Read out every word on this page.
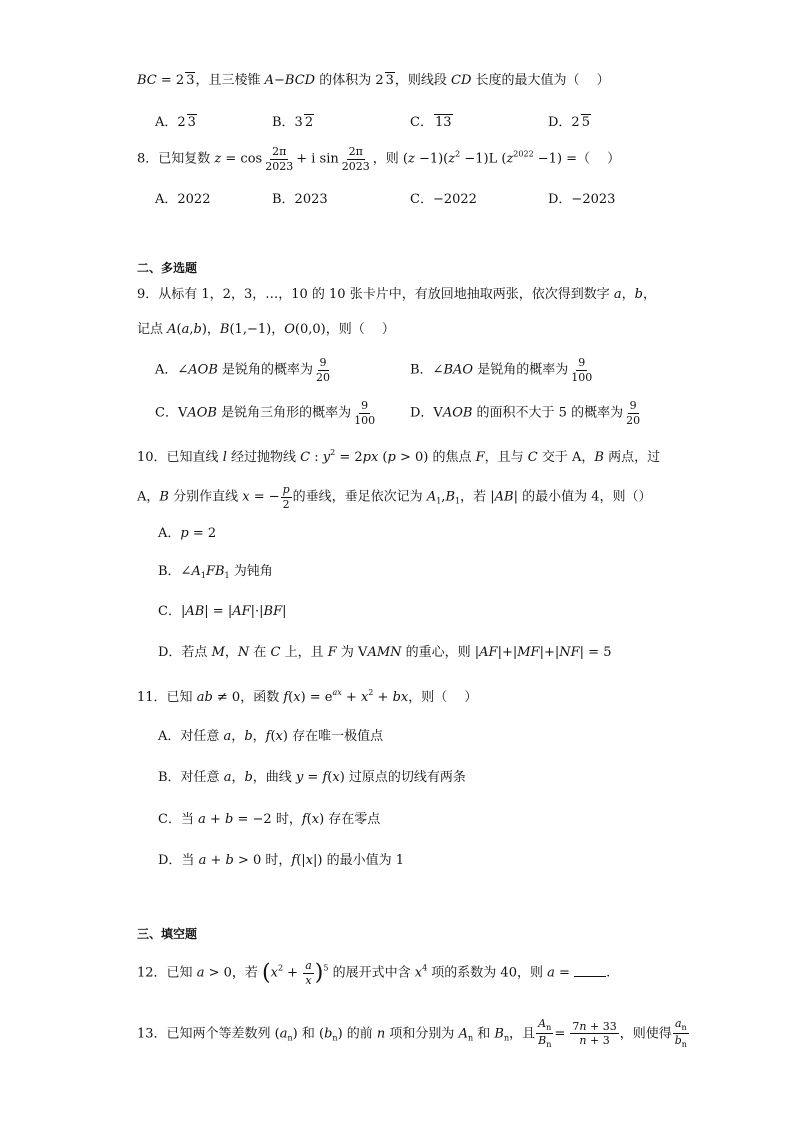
BC = 2 3，且三棱锥 A−BCD 的体积为 2 3，则线段 CD 长度的最大值为（　 ）
A．2 3	B．3 2	C． 13	D．2 5
8．已知复数 $z = \cos \frac{2\pi}{2023} + i$ $\sin \frac{2\pi}{2023}$ ，则 $(z -1)(z^2 -1)L$ $(z^{2022} -1)$ =（　 ）
A．2022	B．2023	C．−2022	D．−2023
二、多选题
9．从标有 1，2，3，…，10 的 10 张卡片中，有放回地抽取两张，依次得到数字 a，b，
记点 A(a,b)，B(1,−1)，O(0,0)，则（　 ）
A．∠AOB 是锐角的概率为 $\frac{9}{20}$	B．∠BAO 是锐角的概率为 $\frac{9}{100}$
C．VAOB 是锐角三角形的概率为 $\frac{9}{100}$	D．VAOB 的面积不大于 5 的概率为 $\frac{9}{20}$
10．已知直线 l 经过抛物线 C : $y^2 = 2px$ (p > 0) 的焦点 F，且与 C 交于 A，B 两点，过
A，B 分别作直线 x = − $\frac{p}{2}$ 的垂线，垂足依次记为 $A_1,B_1$，若 |AB| 的最小值为 4，则（）
A．p = 2
B．$\angle A_1FB_1$ 为钝角
C．|AB| = |AF|·|BF|
D．若点 M，N 在 C 上，且 F 为 VAMN 的重心，则 |AF|+|MF|+|NF| = 5
11．已知 ab ≠ 0，函数 $f(x) = e^{ax} + x^2$ + bx，则（　 ）
A．对任意 a，b，f(x) 存在唯一极值点
B．对任意 a，b，曲线 y = f(x) 过原点的切线有两条
C．当 a + b = −2 时，f(x) 存在零点
D．当 a + b > 0 时，f(|x|) 的最小值为 1
三、填空题
12．已知 a > 0，若 $(x^2 + \frac{a}{x} )^5$ 的展开式中含 $x^4$ 项的系数为 40，则 a = .
13．已知两个等差数列 $(a_n)$ 和 $(b_n)$ 的前 n 项和分别为 $A_n$ 和 $B_n$，且 $\frac{A_n}{B_n} = \frac{7n + 33}{n + 3}$ ，则使得 $\frac{a_n}{b_n}$
